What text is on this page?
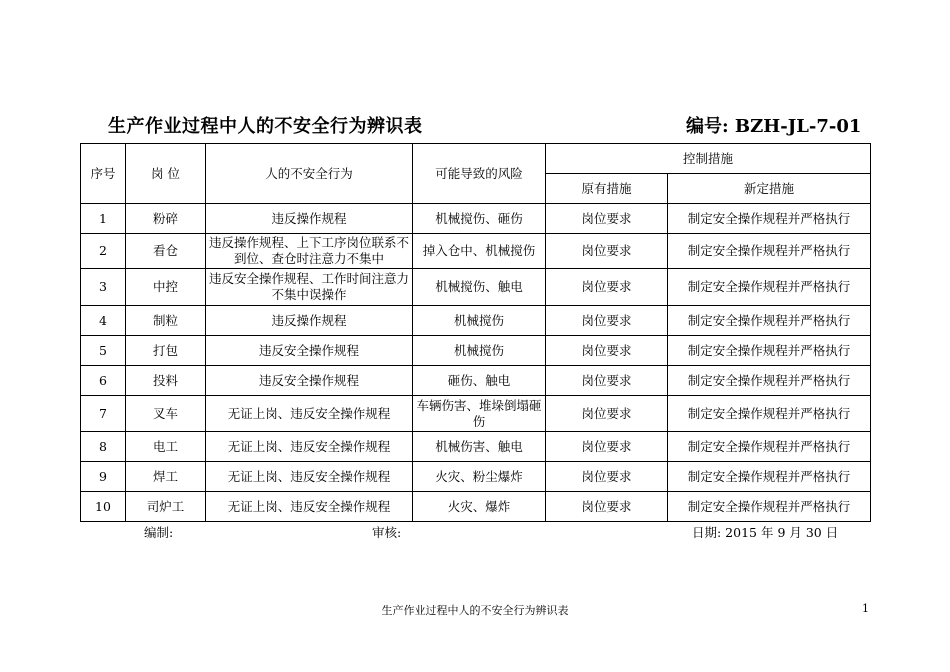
生产作业过程中人的不安全行为辨识表	编号: BZH-JL-7-01
序号	岗 位	人的不安全行为	可能导致的风险	控制措施	
				原有措施	新定措施
1	粉碎	违反操作规程	机械搅伤、砸伤	岗位要求	制定安全操作规程并严格执行
2	看仓	违反操作规程、上下工序岗位联系不到位、查仓时注意力不集中	掉入仓中、机械搅伤	岗位要求	制定安全操作规程并严格执行
3	中控	违反安全操作规程、工作时间注意力不集中误操作	机械搅伤、触电	岗位要求	制定安全操作规程并严格执行
4	制粒	违反操作规程	机械搅伤	岗位要求	制定安全操作规程并严格执行
5	打包	违反安全操作规程	机械搅伤	岗位要求	制定安全操作规程并严格执行
6	投料	违反安全操作规程	砸伤、触电	岗位要求	制定安全操作规程并严格执行
7	叉车	无证上岗、违反安全操作规程	车辆伤害、堆垛倒塌砸伤	岗位要求	制定安全操作规程并严格执行
8	电工	无证上岗、违反安全操作规程	机械伤害、触电	岗位要求	制定安全操作规程并严格执行
9	焊工	无证上岗、违反安全操作规程	火灾、粉尘爆炸	岗位要求	制定安全操作规程并严格执行
10	司炉工	无证上岗、违反安全操作规程	火灾、爆炸	岗位要求	制定安全操作规程并严格执行
编制:	审核:	日期: 2015 年 9 月 30 日
生产作业过程中人的不安全行为辨识表	1
